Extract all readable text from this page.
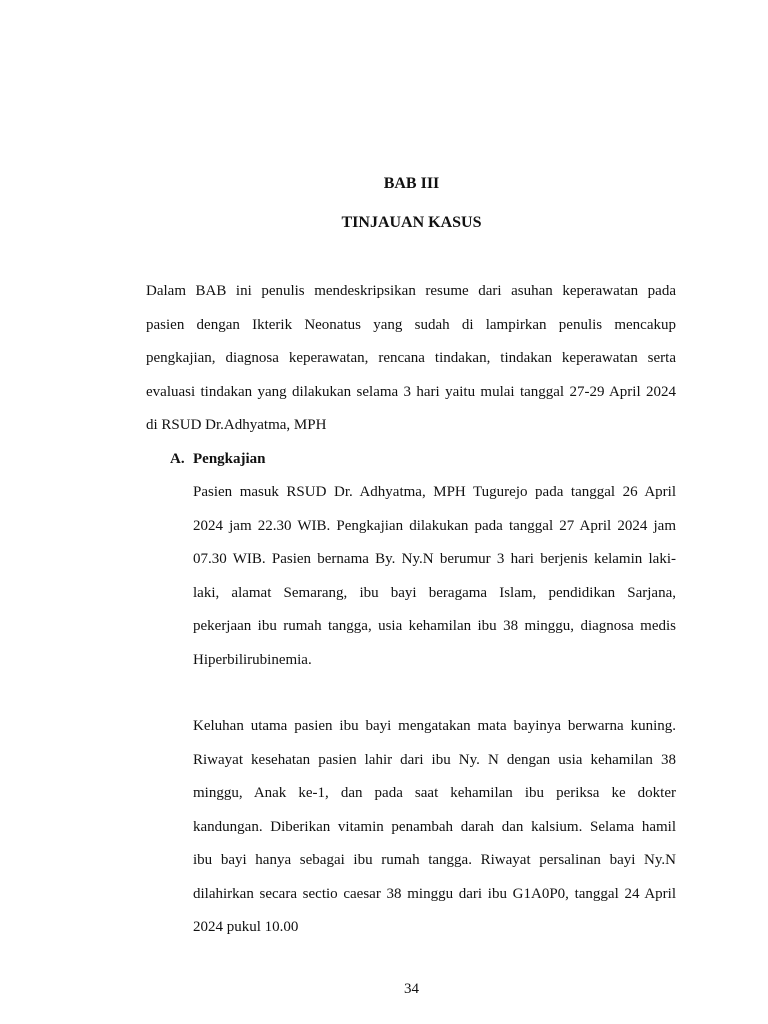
BAB III
TINJAUAN KASUS
Dalam BAB ini penulis mendeskripsikan resume dari asuhan keperawatan pada
pasien dengan Ikterik Neonatus yang sudah di lampirkan penulis mencakup
pengkajian, diagnosa keperawatan, rencana tindakan, tindakan keperawatan serta
evaluasi tindakan yang dilakukan selama 3 hari yaitu mulai tanggal 27-29 April 2024
di RSUD Dr.Adhyatma, MPH
A. Pengkajian
Pasien masuk RSUD Dr. Adhyatma, MPH Tugurejo pada tanggal 26 April
2024 jam 22.30 WIB. Pengkajian dilakukan pada tanggal 27 April 2024 jam
07.30 WIB. Pasien bernama By. Ny.N berumur 3 hari berjenis kelamin laki-
laki, alamat Semarang, ibu bayi beragama Islam, pendidikan Sarjana,
pekerjaan ibu rumah tangga, usia kehamilan ibu 38 minggu, diagnosa medis
Hiperbilirubinemia.
Keluhan utama pasien ibu bayi mengatakan mata bayinya berwarna kuning.
Riwayat kesehatan pasien lahir dari ibu Ny. N dengan usia kehamilan 38
minggu, Anak ke-1, dan pada saat kehamilan ibu periksa ke dokter
kandungan. Diberikan vitamin penambah darah dan kalsium. Selama hamil
ibu bayi hanya sebagai ibu rumah tangga. Riwayat persalinan bayi Ny.N
dilahirkan secara sectio caesar 38 minggu dari ibu G1A0P0, tanggal 24 April
2024 pukul 10.00
34
